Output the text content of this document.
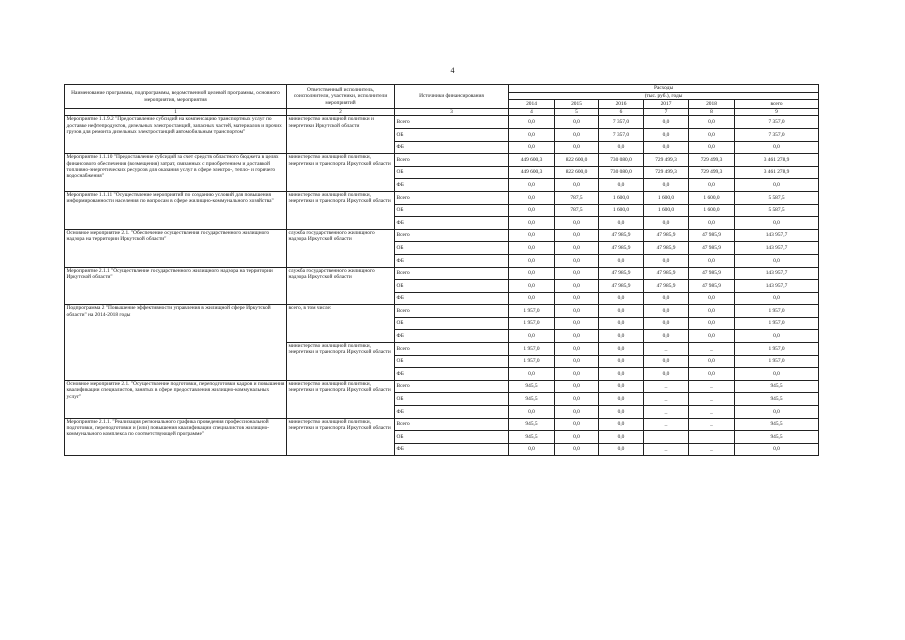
4
Наименование программы, подпрограммы, ведомственной целевой программы, основного мероприятия, мероприятия	Ответственный исполнитель, соисполнители, участники, исполнители мероприятий	Источники финансирования	Расходы					
			(тыс. руб.), годы					
			2014	2015	2016	2017	2018	всего
1	2	3	4	5	6	7	8	9
Мероприятие 1.1.9.2 "Предоставление субсидий на компенсацию транспортных услуг по доставке нефтепродуктов, дизельных электростанций, запасных частей, материалов и прочих грузов для ремонта дизельных электростанций автомобильным транспортом"	министерство жилищной политики и энергетики Иркутской области	Всего	0,0	0,0	7 357,0	0,0	0,0	7 357,0
		ОБ	0,0	0,0	7 357,0	0,0	0,0	7 357,0
		ФБ	0,0	0,0	0,0	0,0	0,0	0,0
Мероприятие 1.1.10 "Предоставление субсидий за счет средств областного бюджета в целях финансового обеспечения (возмещения) затрат, связанных с приобретением и доставкой топливно-энергетических ресурсов для оказания услуг в сфере электро-, тепло- и горячего водоснабжения"	министерство жилищной политики, энергетики и транспорта Иркутской области	Всего	449 600,3	822 600,0	730 080,0	729 499,3	729 499,3	3 461 278,9
		ОБ	449 600,3	822 600,0	730 080,0	729 499,3	729 499,3	3 461 278,9
		ФБ	0,0	0,0	0,0	0,0	0,0	0,0
Мероприятие 1.1.11 "Осуществление мероприятий по созданию условий для повышения информированности населения по вопросам в сфере жилищно-коммунального хозяйства"	министерство жилищной политики, энергетики и транспорта Иркутской области	Всего	0,0	787,5	1 600,0	1 600,0	1 600,0	5 587,5
		ОБ	0,0	787,5	1 600,0	1 600,0	1 600,0	5 587,5
		ФБ	0,0	0,0	0,0	0,0	0,0	0,0
Основное мероприятие 2.1. "Обеспечение осуществления государственного жилищного надзора на территории Иркутской области"	служба государственного жилищного надзора Иркутской области	Всего	0,0	0,0	47 985,9	47 985,9	47 985,9	143 957,7
		ОБ	0,0	0,0	47 985,9	47 985,9	47 985,9	143 957,7
		ФБ	0,0	0,0	0,0	0,0	0,0	0,0
Мероприятие 2.1.1 "Осуществление государственного жилищного надзора на территории Иркутской области"	служба государственного жилищного надзора Иркутской области	Всего	0,0	0,0	47 985,9	47 985,9	47 985,9	143 957,7
		ОБ	0,0	0,0	47 985,9	47 985,9	47 985,9	143 957,7
		ФБ	0,0	0,0	0,0	0,0	0,0	0,0
Подпрограмма 2 "Повышение эффективности управления в жилищной сфере Иркутской области" на 2014-2018 годы	всего, в том числе:	Всего	1 957,0	0,0	0,0	0,0	0,0	1 957,0
		ОБ	1 957,0	0,0	0,0	0,0	0,0	1 957,0
		ФБ	0,0	0,0	0,0	0,0	0,0	0,0
	министерство жилищной политики, энергетики и транспорта Иркутской области	Всего	1 957,0	0,0	0,0	_	_	1 957,0
		ОБ	1 957,0	0,0	0,0	0,0	0,0	1 957,0
		ФБ	0,0	0,0	0,0	0,0	0,0	0,0
Основное мероприятие 2.1. "Осуществление подготовки, переподготовки кадров и повышения квалификации специалистов, занятых в сфере предоставления жилищно-коммунальных услуг"	министерство жилищной политики, энергетики и транспорта Иркутской области	Всего	945,5	0,0	0,0	_	_	945,5
		ОБ	945,5	0,0	0,0	_	_	945,5
		ФБ	0,0	0,0	0,0	_	_	0,0
Мероприятие 2.1.1. "Реализация регионального графика проведения профессиональной подготовки, переподготовки и (или) повышения квалификации специалистов жилищно-коммунального комплекса по соответствующей программе"	министерство жилищной политики, энергетики и транспорта Иркутской области	Всего	945,5	0,0	0,0	_	_	945,5
		ОБ	945,5	0,0	0,0			945,5
		ФБ	0,0	0,0	0,0	_	_	0,0
